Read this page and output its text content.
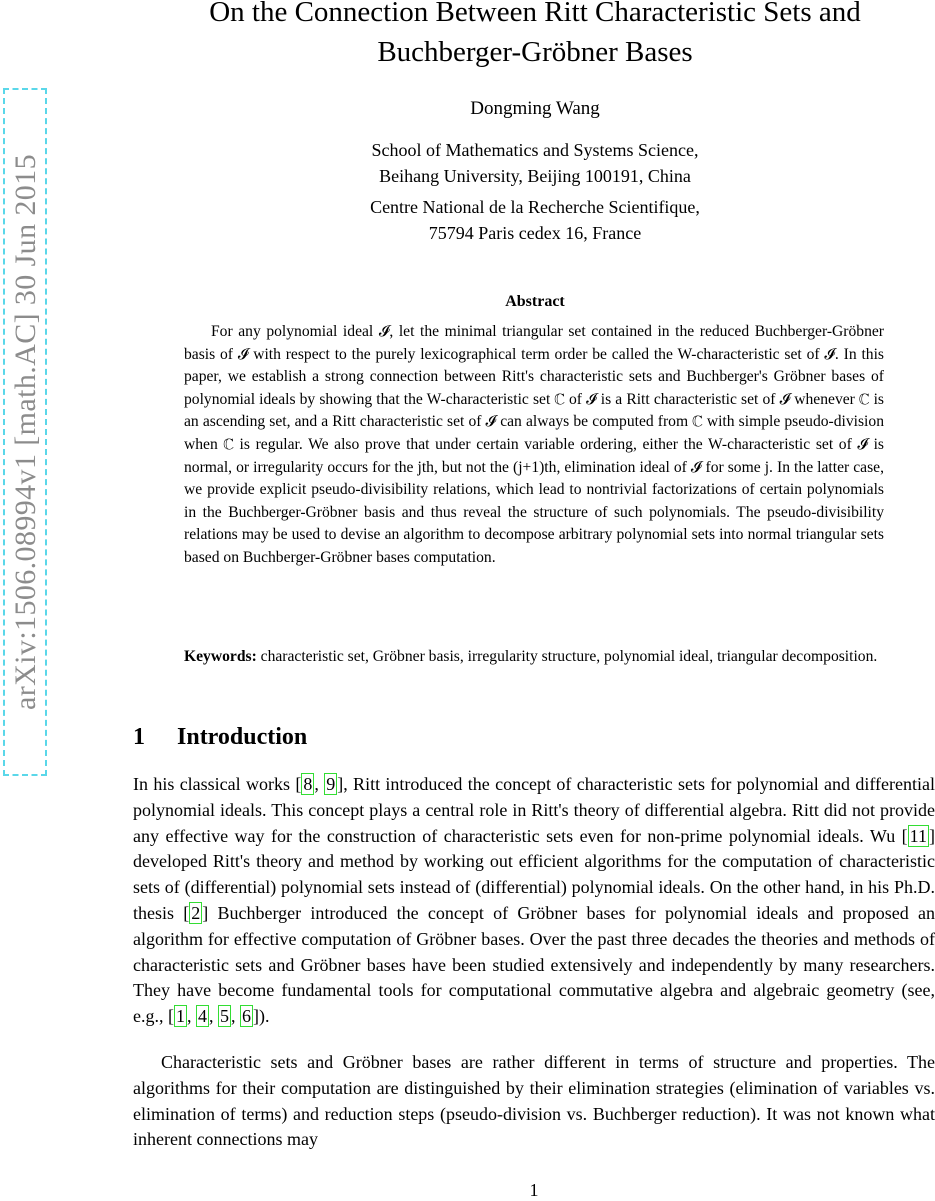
arXiv:1506.08994v1 [math.AC] 30 Jun 2015
On the Connection Between Ritt Characteristic Sets and
Buchberger-Gröbner Bases
Dongming Wang
School of Mathematics and Systems Science,
Beihang University, Beijing 100191, China
Centre National de la Recherche Scientifique,
75794 Paris cedex 16, France
Abstract

For any polynomial ideal 𝓘, let the minimal triangular set contained in the reduced Buchberger-Gröbner basis of 𝓘 with respect to the purely lexicographical term order be called the W-characteristic set of 𝓘. In this paper, we establish a strong connection between Ritt's characteristic sets and Buchberger's Gröbner bases of polynomial ideals by showing that the W-characteristic set ℂ of 𝓘 is a Ritt characteristic set of 𝓘 whenever ℂ is an ascending set, and a Ritt characteristic set of 𝓘 can always be computed from ℂ with simple pseudo-division when ℂ is regular. We also prove that under certain variable ordering, either the W-characteristic set of 𝓘 is normal, or irregularity occurs for the jth, but not the (j+1)th, elimination ideal of 𝓘 for some j. In the latter case, we provide explicit pseudo-divisibility relations, which lead to nontrivial factorizations of certain polynomials in the Buchberger-Gröbner basis and thus reveal the structure of such polynomials. The pseudo-divisibility relations may be used to devise an algorithm to decompose arbitrary polynomial sets into normal triangular sets based on Buchberger-Gröbner bases computation.

Keywords: characteristic set, Gröbner basis, irregularity structure, polynomial ideal, triangular decomposition.

1 Introduction

In his classical works [ 8 , 9 ], Ritt introduced the concept of characteristic sets for polynomial and differential polynomial ideals. This concept plays a central role in Ritt's theory of differential algebra. Ritt did not provide any effective way for the construction of characteristic sets even for non-prime polynomial ideals. Wu [ 11 ] developed Ritt's theory and method by working out efficient algorithms for the computation of characteristic sets of (differential) polynomial sets instead of (differential) polynomial ideals. On the other hand, in his Ph.D. thesis [ 2 ] Buchberger introduced the concept of Gröbner bases for polynomial ideals and proposed an algorithm for effective computation of Gröbner bases. Over the past three decades the theories and methods of characteristic sets and Gröbner bases have been studied extensively and independently by many researchers. They have become fundamental tools for computational commutative algebra and algebraic geometry (see, e.g., [ 1 , 4 , 5 , 6 ]).

Characteristic sets and Gröbner bases are rather different in terms of structure and properties. The algorithms for their computation are distinguished by their elimination strategies (elimination of variables vs. elimination of terms) and reduction steps (pseudo-division vs. Buchberger reduction). It was not known what inherent connections may

1
